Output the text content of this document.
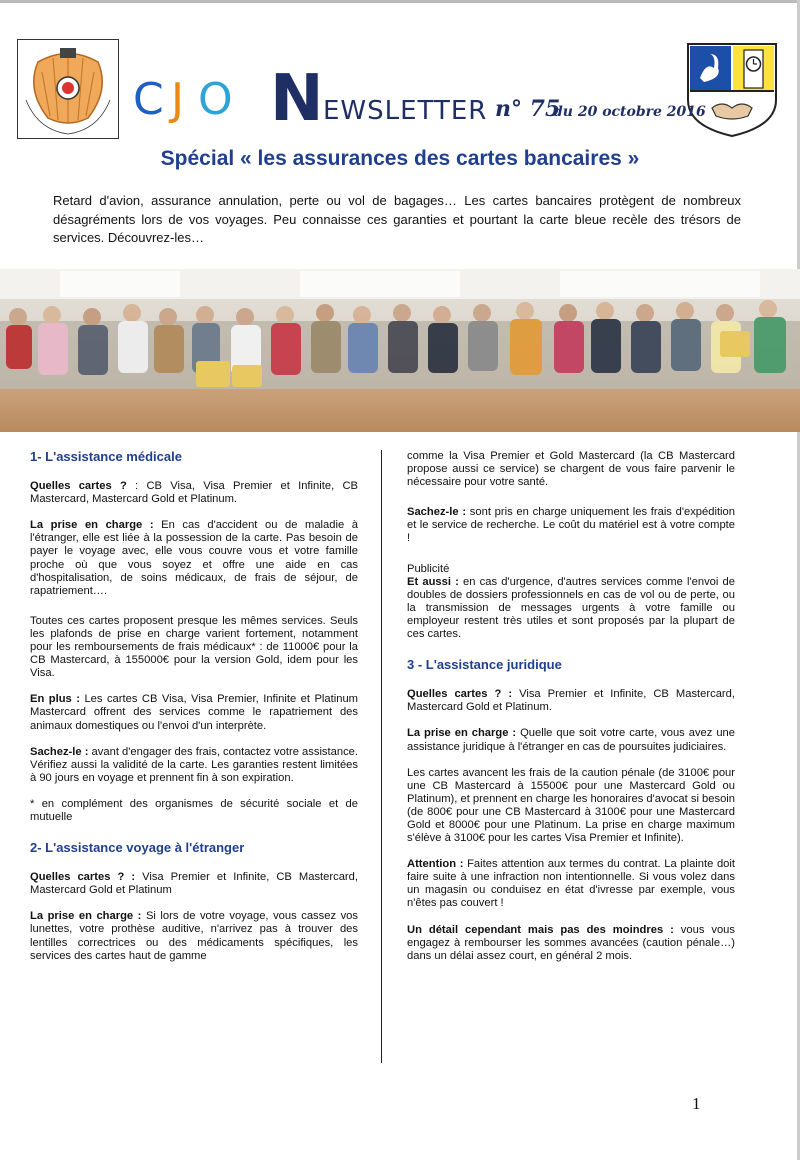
C J O N EWSLETTER n° 75
du 20 octobre 2016
Spécial « les assurances des cartes bancaires »
Retard d'avion, assurance annulation, perte ou vol de bagages… Les cartes bancaires protègent de nombreux désagréments lors de vos voyages. Peu connaisse ces garanties et pourtant la carte bleue recèle des trésors de services. Découvrez-les…
1- L'assistance médicale

Quelles cartes ? : CB Visa, Visa Premier et Infinite, CB Mastercard, Mastercard Gold et Platinum.

La prise en charge : En cas d'accident ou de maladie à l'étranger, elle est liée à la possession de la carte. Pas besoin de payer le voyage avec, elle vous couvre vous et votre famille proche où que vous soyez et offre une aide en cas d'hospitalisation, de soins médicaux, de frais de séjour, de rapatriement….

Toutes ces cartes proposent presque les mêmes services. Seuls les plafonds de prise en charge varient fortement, notamment pour les remboursements de frais médicaux* : de 11000€ pour la CB Mastercard, à 155000€ pour la version Gold, idem pour les Visa.

En plus : Les cartes CB Visa, Visa Premier, Infinite et Platinum Mastercard offrent des services comme le rapatriement des animaux domestiques ou l'envoi d'un interprète.

Sachez-le : avant d'engager des frais, contactez votre assistance. Vérifiez aussi la validité de la carte. Les garanties restent limitées à 90 jours en voyage et prennent fin à son expiration.

* en complément des organismes de sécurité sociale et de mutuelle

2- L'assistance voyage à l'étranger

Quelles cartes ? : Visa Premier et Infinite, CB Mastercard, Mastercard Gold et Platinum

La prise en charge : Si lors de votre voyage, vous cassez vos lunettes, votre prothèse auditive, n'arrivez pas à trouver des lentilles correctrices ou des médicaments spécifiques, les services des cartes haut de gamme

comme la Visa Premier et Gold Mastercard (la CB Mastercard propose aussi ce service) se chargent de vous faire parvenir le nécessaire pour votre santé.

Sachez-le : sont pris en charge uniquement les frais d'expédition et le service de recherche. Le coût du matériel est à votre compte !

Publicité

Et aussi : en cas d'urgence, d'autres services comme l'envoi de doubles de dossiers professionnels en cas de vol ou de perte, ou la transmission de messages urgents à votre famille ou employeur restent très utiles et sont proposés par la plupart de ces cartes.

3 - L'assistance juridique

Quelles cartes ? : Visa Premier et Infinite, CB Mastercard, Mastercard Gold et Platinum.

La prise en charge : Quelle que soit votre carte, vous avez une assistance juridique à l'étranger en cas de poursuites judiciaires.

Les cartes avancent les frais de la caution pénale (de 3100€ pour une CB Mastercard à 15500€ pour une Mastercard Gold ou Platinum), et prennent en charge les honoraires d'avocat si besoin (de 800€ pour une CB Mastercard à 3100€ pour une Mastercard Gold et 8000€ pour une Platinum. La prise en charge maximum s'élève à 3100€ pour les cartes Visa Premier et Infinite).

Attention : Faites attention aux termes du contrat. La plainte doit faire suite à une infraction non intentionnelle. Si vous volez dans un magasin ou conduisez en état d'ivresse par exemple, vous n'êtes pas couvert !

Un détail cependant mais pas des moindres : vous vous engagez à rembourser les sommes avancées (caution pénale…) dans un délai assez court, en général 2 mois.

1
